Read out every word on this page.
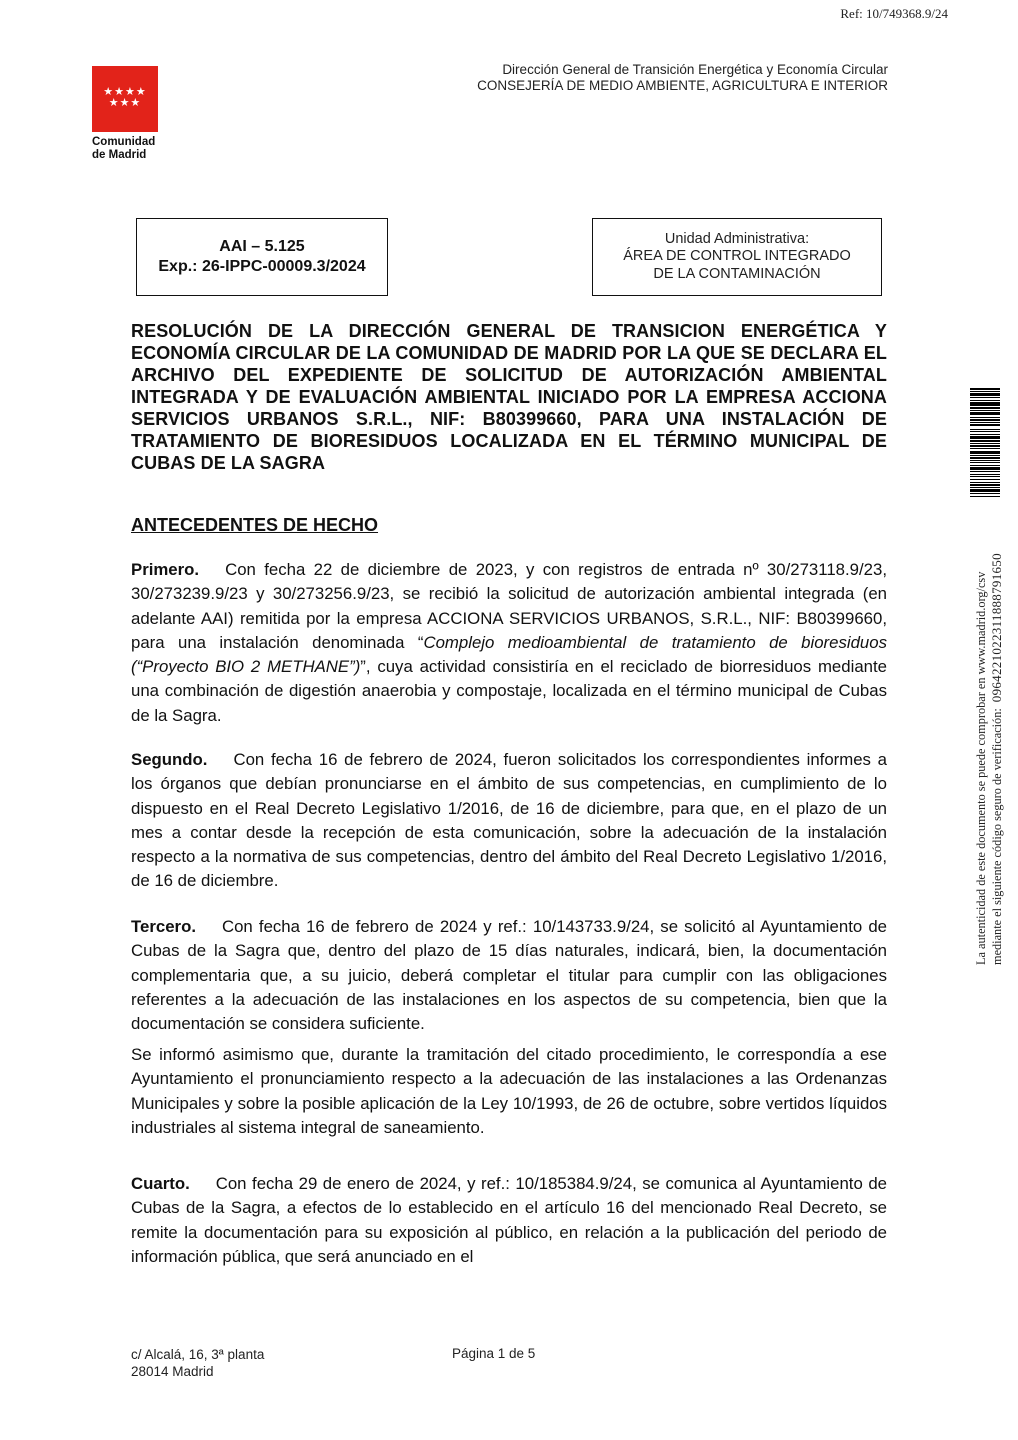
Ref: 10/749368.9/24
★★★★
★★★
Comunidad
de Madrid
Dirección General de Transición Energética y Economía Circular
CONSEJERÍA DE MEDIO AMBIENTE, AGRICULTURA E INTERIOR
AAI – 5.125
Exp.: 26-IPPC-00009.3/2024
Unidad Administrativa:
ÁREA DE CONTROL INTEGRADO
DE LA CONTAMINACIÓN
RESOLUCIÓN DE LA DIRECCIÓN GENERAL DE TRANSICION ENERGÉTICA Y ECONOMÍA CIRCULAR DE LA COMUNIDAD DE MADRID POR LA QUE SE DECLARA EL ARCHIVO DEL EXPEDIENTE DE SOLICITUD DE AUTORIZACIÓN AMBIENTAL INTEGRADA Y DE EVALUACIÓN AMBIENTAL INICIADO POR LA EMPRESA ACCIONA SERVICIOS URBANOS S.R.L., NIF: B80399660, PARA UNA INSTALACIÓN DE TRATAMIENTO DE BIORESIDUOS LOCALIZADA EN EL TÉRMINO MUNICIPAL DE CUBAS DE LA SAGRA
ANTECEDENTES DE HECHO
Primero. Con fecha 22 de diciembre de 2023, y con registros de entrada nº 30/273118.9/23, 30/273239.9/23 y 30/273256.9/23, se recibió la solicitud de autorización ambiental integrada (en adelante AAI) remitida por la empresa ACCIONA SERVICIOS URBANOS, S.R.L., NIF: B80399660, para una instalación denominada “Complejo medioambiental de tratamiento de bioresiduos (“Proyecto BIO 2 METHANE”)”, cuya actividad consistiría en el reciclado de biorresiduos mediante una combinación de digestión anaerobia y compostaje, localizada en el término municipal de Cubas de la Sagra.
Segundo. Con fecha 16 de febrero de 2024, fueron solicitados los correspondientes informes a los órganos que debían pronunciarse en el ámbito de sus competencias, en cumplimiento de lo dispuesto en el Real Decreto Legislativo 1/2016, de 16 de diciembre, para que, en el plazo de un mes a contar desde la recepción de esta comunicación, sobre la adecuación de la instalación respecto a la normativa de sus competencias, dentro del ámbito del Real Decreto Legislativo 1/2016, de 16 de diciembre.
Tercero. Con fecha 16 de febrero de 2024 y ref.: 10/143733.9/24, se solicitó al Ayuntamiento de Cubas de la Sagra que, dentro del plazo de 15 días naturales, indicará, bien, la documentación complementaria que, a su juicio, deberá completar el titular para cumplir con las obligaciones referentes a la adecuación de las instalaciones en los aspectos de su competencia, bien que la documentación se considera suficiente.
Se informó asimismo que, durante la tramitación del citado procedimiento, le correspondía a ese Ayuntamiento el pronunciamiento respecto a la adecuación de las instalaciones a las Ordenanzas Municipales y sobre la posible aplicación de la Ley 10/1993, de 26 de octubre, sobre vertidos líquidos industriales al sistema integral de saneamiento.
Cuarto. Con fecha 29 de enero de 2024, y ref.: 10/185384.9/24, se comunica al Ayuntamiento de Cubas de la Sagra, a efectos de lo establecido en el artículo 16 del mencionado Real Decreto, se remite la documentación para su exposición al público, en relación a la publicación del periodo de información pública, que será anunciado en el
c/ Alcalá, 16, 3ª planta
28014 Madrid
Página 1 de 5
La autenticidad de este documento se puede comprobar en www.madrid.org/csv mediante el siguiente código seguro de verificación:0964221022311888791650
